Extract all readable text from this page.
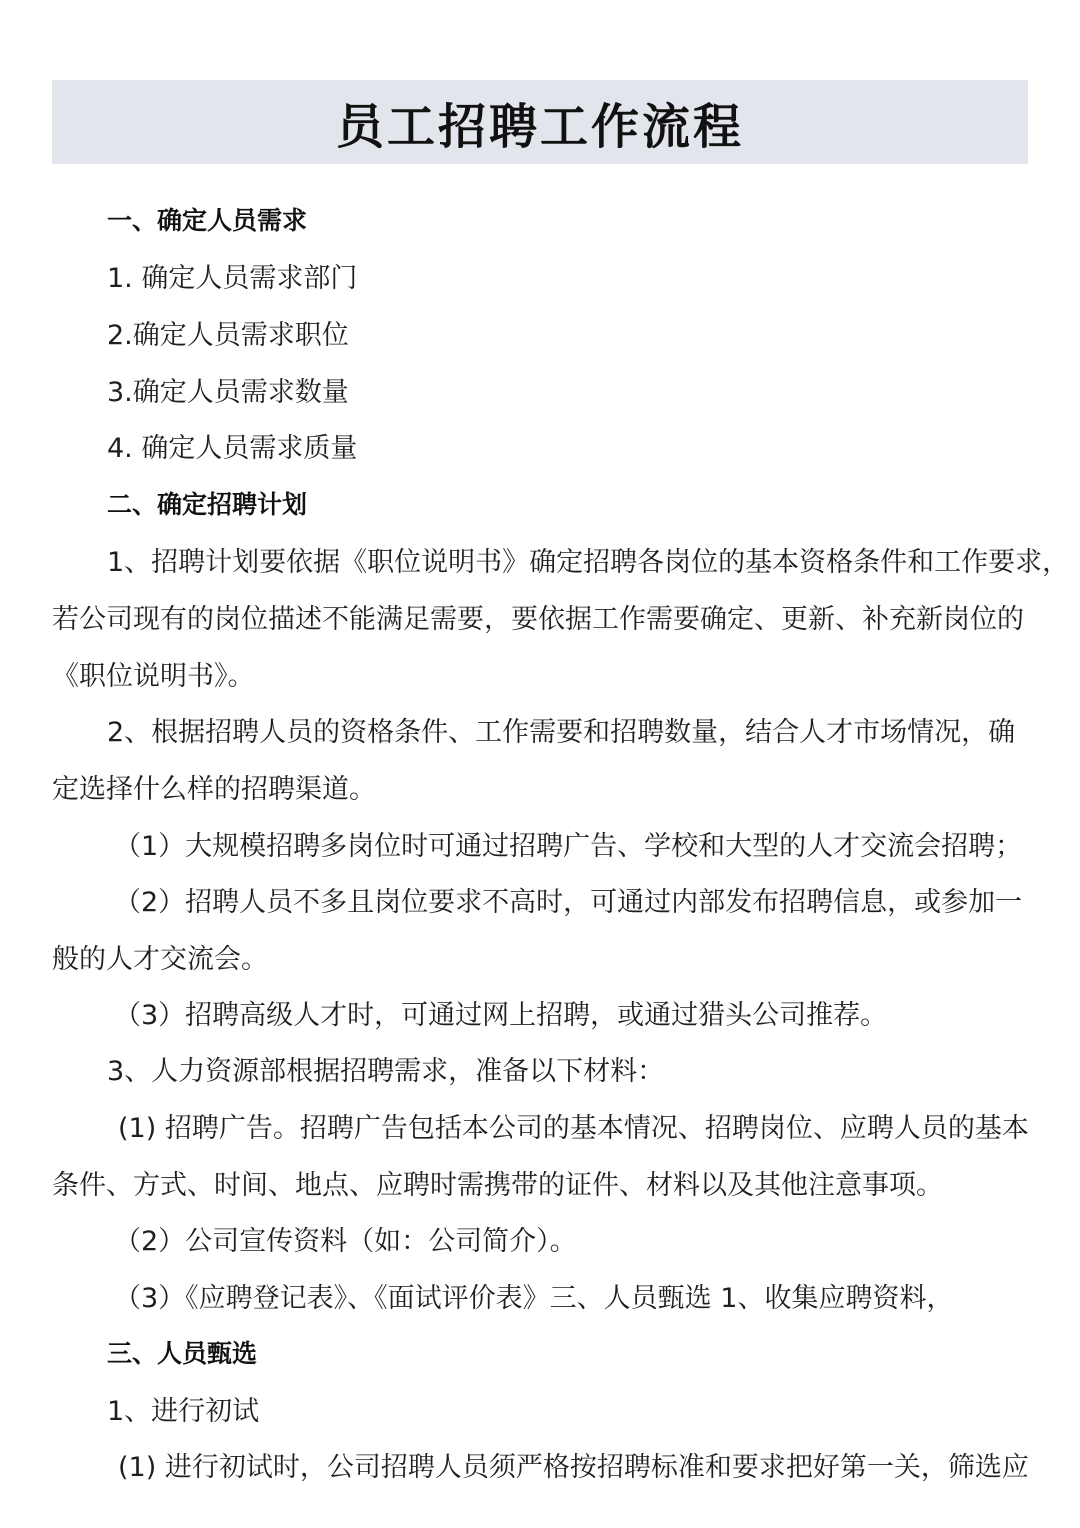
员工招聘工作流程
一、确定人员需求
1. 确定人员需求部门
2.确定人员需求职位
3.确定人员需求数量
4. 确定人员需求质量
二、确定招聘计划
1、招聘计划要依据《职位说明书》确定招聘各岗位的基本资格条件和工作要求，
若公司现有的岗位描述不能满足需要，要依据工作需要确定、更新、补充新岗位的
《职位说明书》。
2、根据招聘人员的资格条件、工作需要和招聘数量，结合人才市场情况，确
定选择什么样的招聘渠道。
（1）大规模招聘多岗位时可通过招聘广告、学校和大型的人才交流会招聘；
（2）招聘人员不多且岗位要求不高时，可通过内部发布招聘信息，或参加一
般的人才交流会。
（3）招聘高级人才时，可通过网上招聘，或通过猎头公司推荐。
3、人力资源部根据招聘需求，准备以下材料：
(1) 招聘广告。招聘广告包括本公司的基本情况、招聘岗位、应聘人员的基本
条件、方式、时间、地点、应聘时需携带的证件、材料以及其他注意事项。
（2）公司宣传资料（如：公司简介）。
（3）《应聘登记表》、《面试评价表》三、人员甄选 1、收集应聘资料，
三、人员甄选
1、进行初试
(1) 进行初试时，公司招聘人员须严格按招聘标准和要求把好第一关，筛选应
